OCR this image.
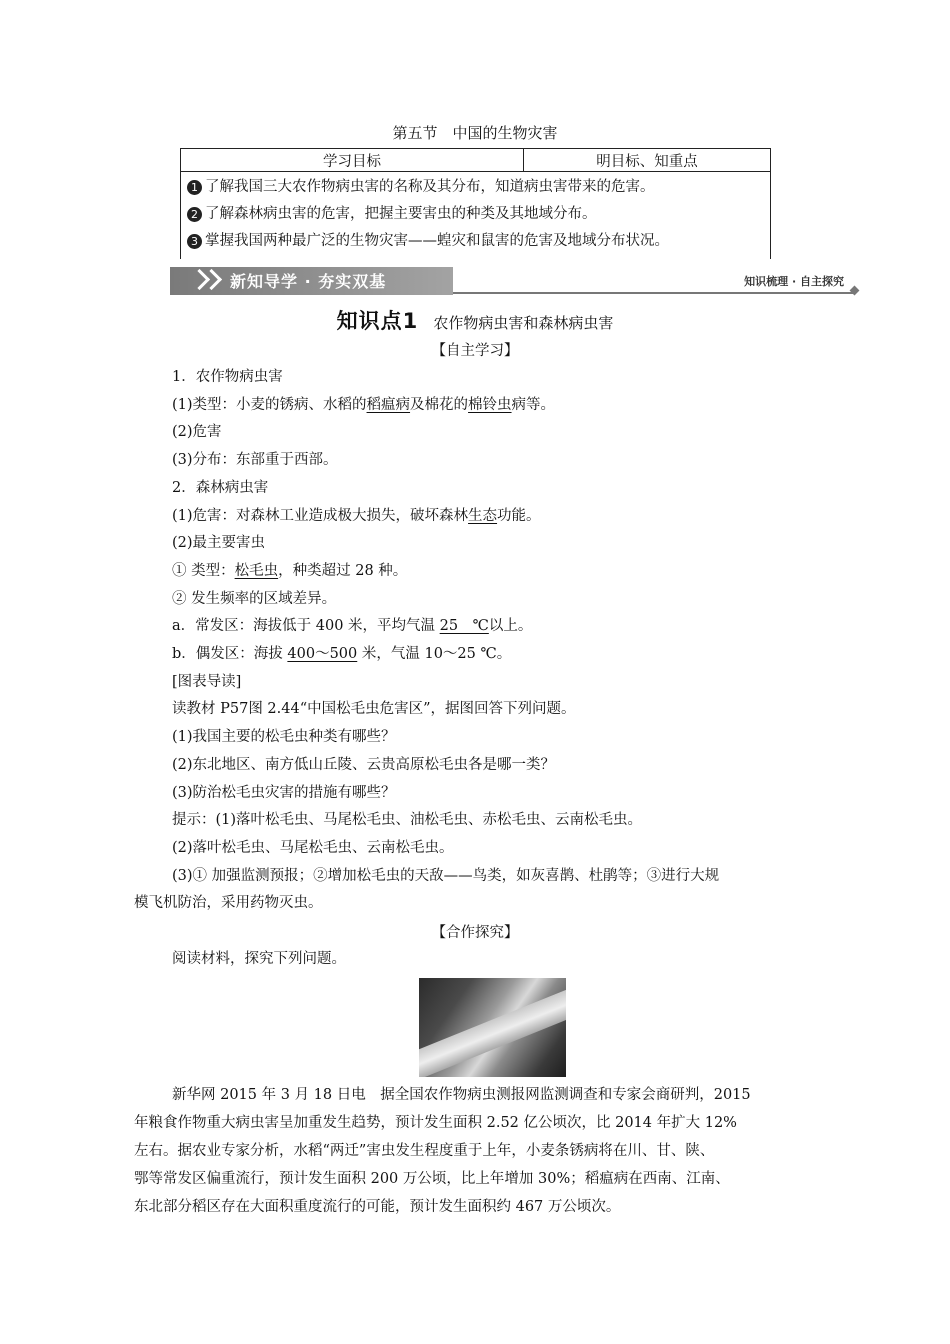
第五节　中国的生物灾害
学习目标	明目标、知重点

1 了解我国三大农作物病虫害的名称及其分布，知道病虫害带来的危害。
2 了解森林病虫害的危害，把握主要害虫的种类及其地域分布。
3 掌握我国两种最广泛的生物灾害——蝗灾和鼠害的危害及地域分布状况。
新知导学 · 夯实双基	知识梳理 · 自主探究
知识点1 农作物病虫害和森林病虫害
【自主学习】

1．农作物病虫害

(1)类型：小麦的锈病、水稻的稻瘟病及棉花的棉铃虫病等。

(2)危害

(3)分布：东部重于西部。

2．森林病虫害

(1)危害：对森林工业造成极大损失，破坏森林生态功能。

(2)最主要害虫

① 类型：松毛虫，种类超过 28 种。

② 发生频率的区域差异。

a．常发区：海拔低于 400 米，平均气温 25 ℃以上。

b．偶发区：海拔 400～500 米，气温 10～25 ℃。

[图表导读]

读教材 P57图 2.44“中国松毛虫危害区”，据图回答下列问题。

(1)我国主要的松毛虫种类有哪些？

(2)东北地区、南方低山丘陵、云贵高原松毛虫各是哪一类？

(3)防治松毛虫灾害的措施有哪些？

提示：(1)落叶松毛虫、马尾松毛虫、油松毛虫、赤松毛虫、云南松毛虫。

(2)落叶松毛虫、马尾松毛虫、云南松毛虫。

(3)① 加强监测预报；②增加松毛虫的天敌——鸟类，如灰喜鹊、杜鹃等；③进行大规

模飞机防治，采用药物灭虫。

【合作探究】

阅读材料，探究下列问题。

新华网 2015 年 3 月 18 日电　据全国农作物病虫测报网监测调查和专家会商研判，2015

年粮食作物重大病虫害呈加重发生趋势，预计发生面积 2.52 亿公顷次，比 2014 年扩大 12%

左右。据农业专家分析，水稻“两迁”害虫发生程度重于上年，小麦条锈病将在川、甘、陕、

鄂等常发区偏重流行，预计发生面积 200 万公顷，比上年增加 30%；稻瘟病在西南、江南、

东北部分稻区存在大面积重度流行的可能，预计发生面积约 467 万公顷次。
